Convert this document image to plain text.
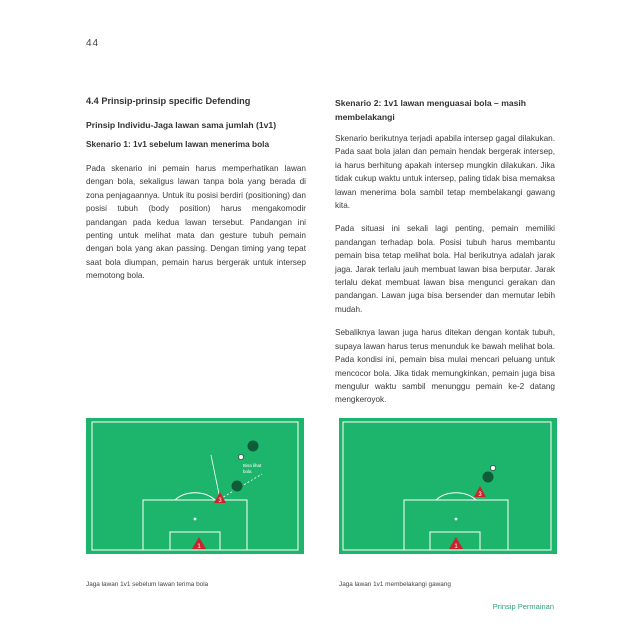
44
4.4 Prinsip-prinsip specific Defending
Prinsip Individu-Jaga lawan sama jumlah (1v1)
Skenario 1: 1v1 sebelum lawan menerima bola

Pada skenario ini pemain harus memperhatikan lawan dengan bola, sekaligus lawan tanpa bola yang berada di zona penjagaannya. Untuk itu posisi berdiri (positioning) dan posisi tubuh (body position) harus mengakomodir pandangan pada kedua lawan tersebut. Pandangan ini penting untuk melihat mata dan gesture tubuh pemain dengan bola yang akan passing. Dengan timing yang tepat saat bola diumpan, pemain harus bergerak untuk intersep memotong bola.

Skenario 2: 1v1 lawan menguasai bola – masih membelakangi

Skenario berikutnya terjadi apabila intersep gagal dilakukan. Pada saat bola jalan dan pemain hendak bergerak intersep, ia harus berhitung apakah intersep mungkin dilakukan. Jika tidak cukup waktu untuk intersep, paling tidak bisa memaksa lawan menerima bola sambil tetap membelakangi gawang kita.

Pada situasi ini sekali lagi penting, pemain memiliki pandangan terhadap bola. Posisi tubuh harus membantu pemain bisa tetap melihat bola. Hal berikutnya adalah jarak jaga. Jarak terlalu jauh membuat lawan bisa berputar. Jarak terlalu dekat membuat lawan bisa mengunci gerakan dan pandangan. Lawan juga bisa bersender dan memutar lebih mudah.

Sebaliknya lawan juga harus ditekan dengan kontak tubuh, supaya lawan harus terus menunduk ke bawah melihat bola. Pada kondisi ini, pemain bisa mulai mencari peluang untuk mencocor bola. Jika tidak memungkinkan, pemain juga bisa mengulur waktu sambil menunggu pemain ke-2 datang mengkeroyok.

3
1
Bisa lihat
bola
3
1
Jaga lawan 1v1 sebelum lawan terima bola	Jaga lawan 1v1 membelakangi gawang
Prinsip Permainan
